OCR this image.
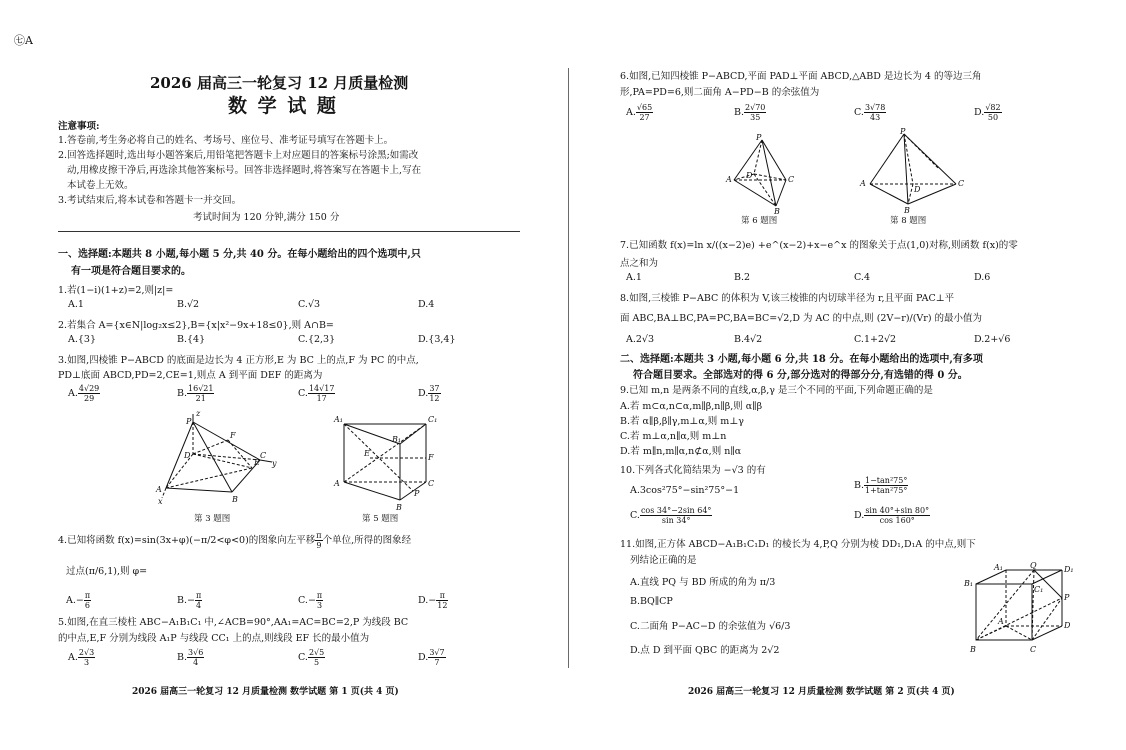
㊆A
2026 届高三一轮复习 12 月质量检测
数 学 试 题
注意事项:
1.答卷前,考生务必将自己的姓名、考场号、座位号、准考证号填写在答题卡上。
2.回答选择题时,选出每小题答案后,用铅笔把答题卡上对应题目的答案标号涂黑;如需改
动,用橡皮擦干净后,再选涂其他答案标号。回答非选择题时,将答案写在答题卡上,写在
本试卷上无效。
3.考试结束后,将本试卷和答题卡一并交回。
考试时间为 120 分钟,满分 150 分
一、选择题:本题共 8 小题,每小题 5 分,共 40 分。在每小题给出的四个选项中,只
有一项是符合题目要求的。
1.若(1−i)(1+z)=2,则|z|=
A.1	B.√2	C.√3	D.4
2.若集合 A={x∈N|log₂x≤2},B={x|x²−9x+18≤0},则 A∩B=
A.{3}	B.{4}	C.{2,3}	D.{3,4}
3.如图,四棱锥 P−ABCD 的底面是边长为 4 正方形,E 为 BC 上的点,F 为 PC 的中点,
PD⊥底面 ABCD,PD=2,CE=1,则点 A 到平面 DEF 的距离为
A. $\frac{4√29}{29}$	B. $\frac{16√21}{21}$	C. $\frac{14√17}{17}$	D. $\frac{37}{12}$
P
z
F
D
E
C
y
A
B
x
第 3 题图
A₁	C₁
B₁
E	F
A	C
P
B
第 5 题图
4.已知将函数 f(x)=sin(3x+φ)(−π/2<φ<0)的图象向左平移 $\frac{\pi}{9}$ 个单位,所得的图象经
过点(π/6,1),则 φ=
$A.- \frac{\pi}{6}$	$B.- \frac{\pi}{4}$	$C.- \frac{\pi}{3}$	$D.- \frac{\pi}{12}$
5.如图,在直三棱柱 ABC−A₁B₁C₁ 中,∠ACB=90°,AA₁=AC=BC=2,P 为线段 BC
的中点,E,F 分别为线段 A₁P 与线段 CC₁ 上的点,则线段 EF 长的最小值为
A. $\frac{2√3}{3}$	B. $\frac{3√6}{4}$	C. $\frac{2√5}{5}$	D. $\frac{3√7}{7}$
2026 届高三一轮复习 12 月质量检测 数学试题 第 1 页(共 4 页)
6.如图,已知四棱锥 P−ABCD,平面 PAD⊥平面 ABCD,△ABD 是边长为 4 的等边三角
形,PA=PD=6,则二面角 A−PD−B 的余弦值为
A. $\frac{√65}{27}$	B. $\frac{2√70}{35}$	C. $\frac{3√78}{43}$	D. $\frac{√82}{50}$
P
A	C
D
B
第 6 题图
P
A	C
D
B
第 8 题图
7.已知函数 f(x)=ln x/((x−2)e) +e^(x−2)+x−e^x 的图象关于点(1,0)对称,则函数 f(x)的零
点之和为
A.1	B.2	C.4	D.6
8.如图,三棱锥 P−ABC 的体积为 V,该三棱锥的内切球半径为 r,且平面 PAC⊥平
面 ABC,BA⊥BC,PA=PC,BA=BC=√2,D 为 AC 的中点,则 (2V−r)/(Vr) 的最小值为
A.2√3	B.4√2	C.1+2√2	D.2+√6
二、选择题:本题共 3 小题,每小题 6 分,共 18 分。在每小题给出的选项中,有多项
符合题目要求。全部选对的得 6 分,部分选对的得部分分,有选错的得 0 分。
9.已知 m,n 是两条不同的直线,α,β,γ 是三个不同的平面,下列命题正确的是
A.若 m⊂α,n⊂α,m∥β,n∥β,则 α∥β
B.若 α∥β,β∥γ,m⊥α,则 m⊥γ
C.若 m⊥α,n∥α,则 m⊥n
D.若 m∥n,m∥α,n⊄α,则 n∥α
10.下列各式化简结果为 −√3 的有
A.3cos²75°−sin²75°−1	B. $\frac{\text{1−tan²75°}}{\text{1+tan²75°}}$
C. $\frac{\cos 34^\circ-2\sin 64^\circ}{\sin 34^\circ}$	D. $\frac{\sin 40^\circ+\sin 80^\circ}{\cos 160^\circ}$
11.如图,正方体 ABCD−A₁B₁C₁D₁ 的棱长为 4,P,Q 分别为棱 DD₁,D₁A 的中点,则下
列结论正确的是
A.直线 PQ 与 BD 所成的角为 π/3
B.BQ∥CP
C.二面角 P−AC−D 的余弦值为 √6/3
D.点 D 到平面 QBC 的距离为 2√2
A₁	Q	D₁
B₁
C₁
P
A	D
B	C
2026 届高三一轮复习 12 月质量检测 数学试题 第 2 页(共 4 页)
